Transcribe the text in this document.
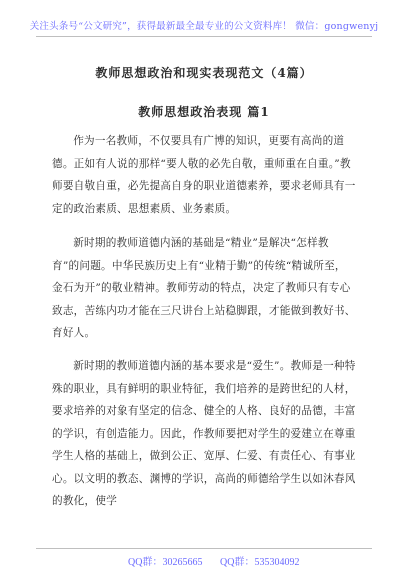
关注头条号“公文研究”，获得最新最全最专业的公文资料库！ 微信：gongwenyj
教师思想政治和现实表现范文（4篇）
教师思想政治表现 篇1

作为一名教师，不仅要具有广博的知识，更要有高尚的道德。正如有人说的那样“要人敬的必先自敬，重师重在自重。”教师要自敬自重，必先提高自身的职业道德素养，要求老师具有一定的政治素质、思想素质、业务素质。

新时期的教师道德内涵的基础是“精业”是解决“怎样教育”的问题。中华民族历史上有“业精于勤”的传统“精诚所至，金石为开”的敬业精神。教师劳动的特点，决定了教师只有专心致志，苦练内功才能在三尺讲台上站稳脚跟，才能做到教好书、育好人。

新时期的教师道德内涵的基本要求是“爱生”。教师是一种特殊的职业，具有鲜明的职业特征，我们培养的是跨世纪的人材，要求培养的对象有坚定的信念、健全的人格、良好的品德，丰富的学识，有创造能力。因此，作教师要把对学生的爱建立在尊重学生人格的基础上，做到公正、宽厚、仁爱、有责任心、有事业心。以文明的教态、渊博的学识，高尚的师德给学生以如沐春风的教化，使学

QQ群：30265665 QQ群：535304092
